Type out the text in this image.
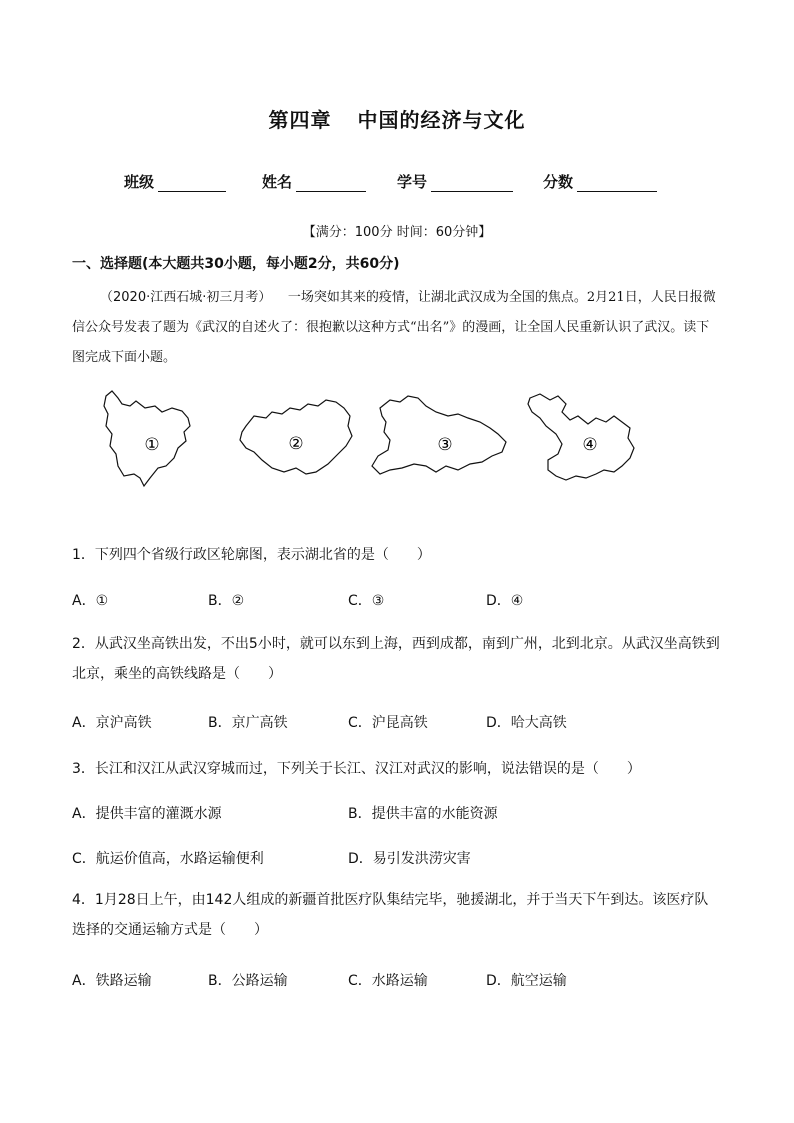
第四章 中国的经济与文化
班级	姓名	学号	分数
【满分：100分 时间：60分钟】
一、选择题(本大题共30小题，每小题2分，共60分)
（2020·江西石城·初三月考） 一场突如其来的疫情，让湖北武汉成为全国的焦点。2月21日，人民日报微信公众号发表了题为《武汉的自述火了：很抱歉以这种方式“出名”》的漫画，让全国人民重新认识了武汉。读下图完成下面小题。
①	②	③	④
1．下列四个省级行政区轮廓图，表示湖北省的是（　　）
A．①	B．②	C．③	D．④
2．从武汉坐高铁出发，不出5小时，就可以东到上海，西到成都，南到广州，北到北京。从武汉坐高铁到北京，乘坐的高铁线路是（　　）
A．京沪高铁	B．京广高铁	C．沪昆高铁	D．哈大高铁
3．长江和汉江从武汉穿城而过，下列关于长江、汉江对武汉的影响，说法错误的是（　　）
A．提供丰富的灌溉水源	B．提供丰富的水能资源
C．航运价值高，水路运输便利	D．易引发洪涝灾害
4．1月28日上午，由142人组成的新疆首批医疗队集结完毕，驰援湖北，并于当天下午到达。该医疗队选择的交通运输方式是（　　）
A．铁路运输	B．公路运输	C．水路运输	D．航空运输
